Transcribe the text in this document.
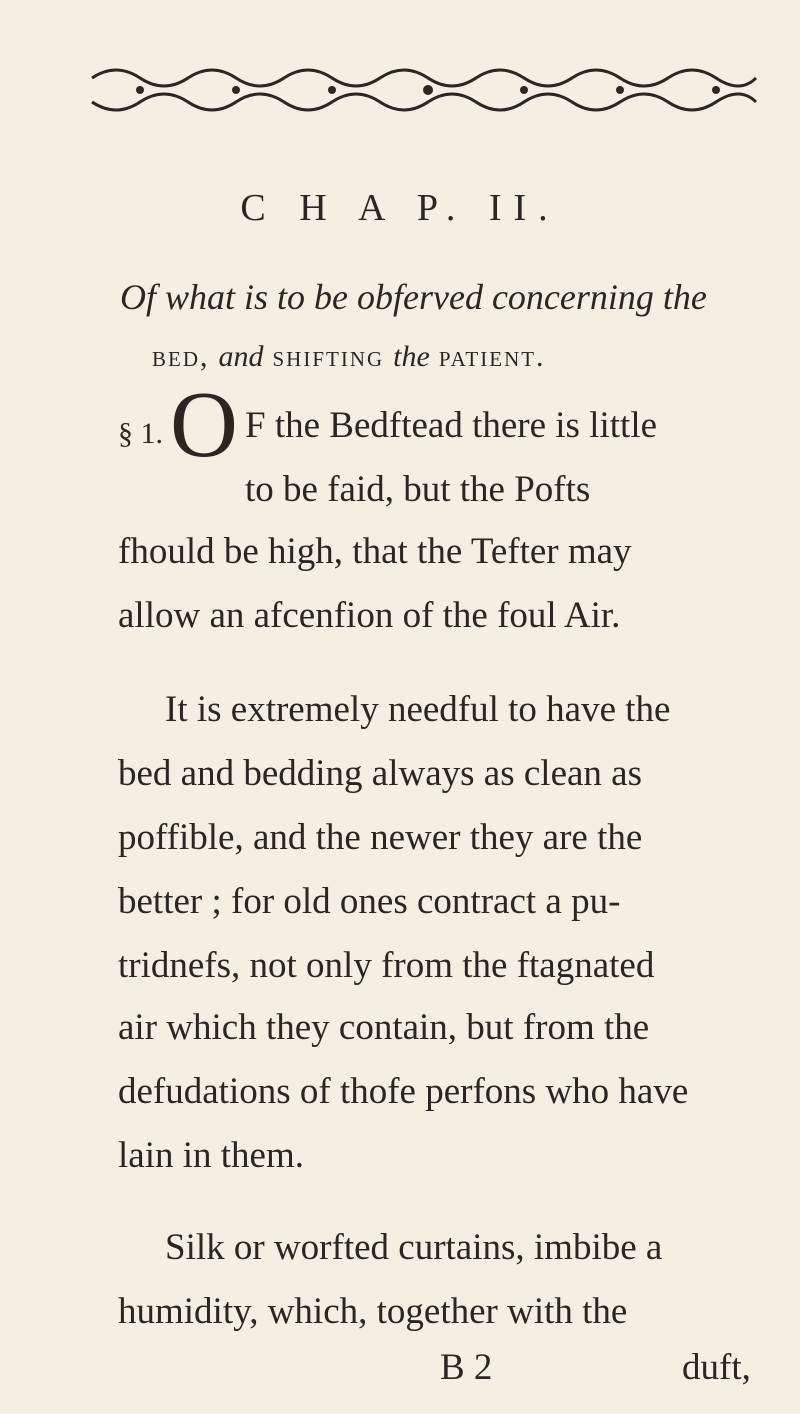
C H A P. II.
Of what is to be obferved concerning the
bed, and shifting the patient.
§ 1. O F the Bedftead there is little
to be faid, but the Pofts
fhould be high, that the Tefter may
allow an afcenfion of the foul Air.
It is extremely needful to have the
bed and bedding always as clean as
poffible, and the newer they are the
better ; for old ones contract a pu-
tridnefs, not only from the ftagnated
air which they contain, but from the
defudations of thofe perfons who have
lain in them.
Silk or worfted curtains, imbibe a
humidity, which, together with the
B 2	duft,
